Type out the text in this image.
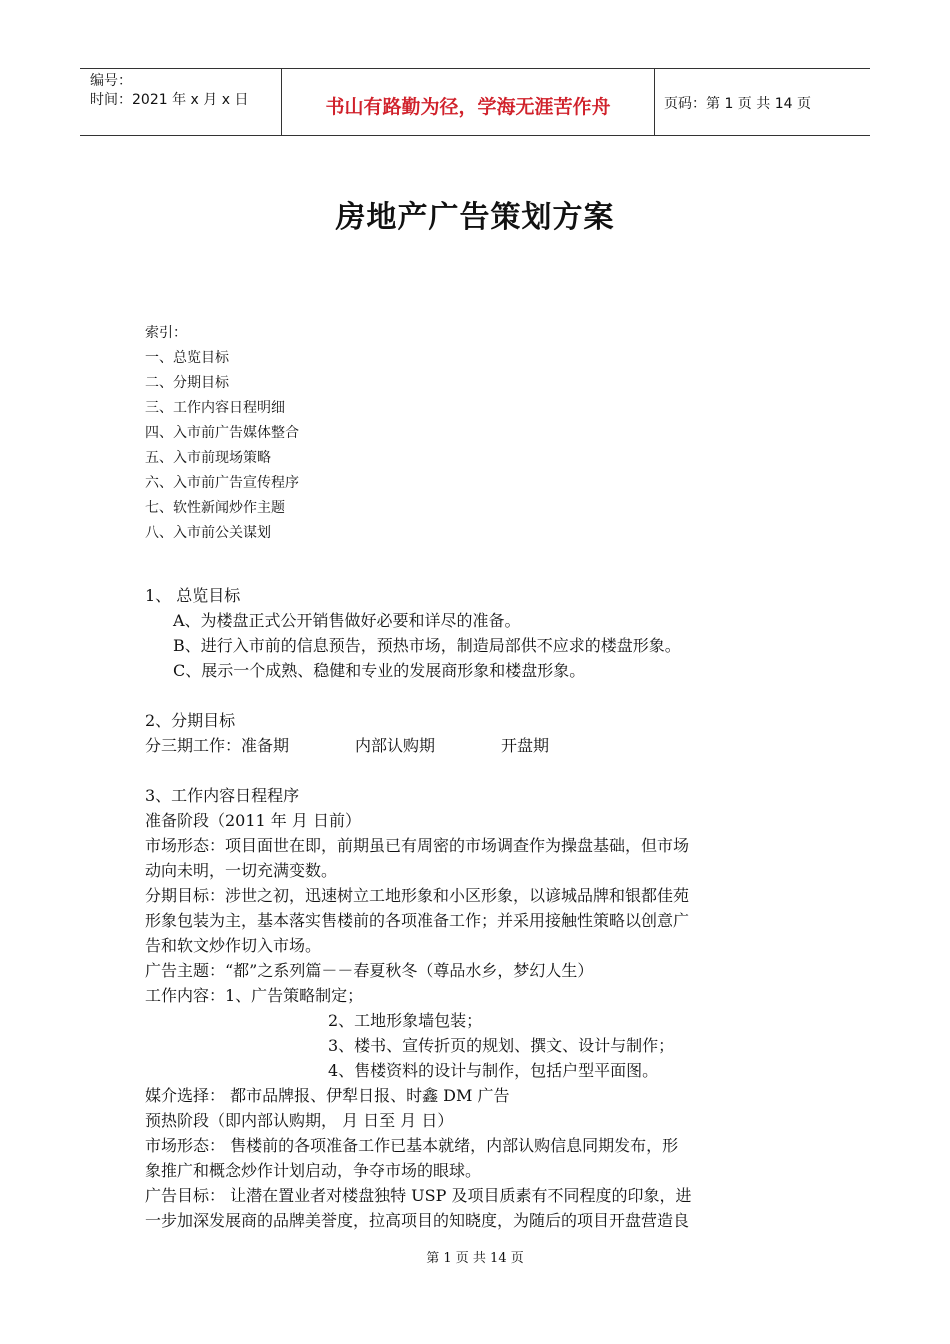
编号：
时间：2021 年 x 月 x 日	书山有路勤为径，学海无涯苦作舟	页码：第 1 页 共 14 页
房地产广告策划方案
索引：
一、总览目标
二、分期目标
三、工作内容日程明细
四、入市前广告媒体整合
五、入市前现场策略
六、入市前广告宣传程序
七、软性新闻炒作主题
八、入市前公关谋划
1、 总览目标
A、为楼盘正式公开销售做好必要和详尽的准备。
B、进行入市前的信息预告，预热市场，制造局部供不应求的楼盘形象。
C、展示一个成熟、稳健和专业的发展商形象和楼盘形象。
2、分期目标
分三期工作：准备期	内部认购期	开盘期
3、工作内容日程程序
准备阶段（2011 年 月 日前）
市场形态：项目面世在即，前期虽已有周密的市场调查作为操盘基础，但市场
动向未明，一切充满变数。
分期目标：涉世之初，迅速树立工地形象和小区形象，以谚城品牌和银都佳苑
形象包装为主，基本落实售楼前的各项准备工作；并采用接触性策略以创意广
告和软文炒作切入市场。
广告主题：“都”之系列篇－－春夏秋冬（尊品水乡，梦幻人生）
工作内容：1、广告策略制定；
2、工地形象墙包装；
3、楼书、宣传折页的规划、撰文、设计与制作；
4、售楼资料的设计与制作，包括户型平面图。
媒介选择： 都市品牌报、伊犁日报、时鑫 DM 广告
预热阶段（即内部认购期， 月 日至 月 日）
市场形态： 售楼前的各项准备工作已基本就绪，内部认购信息同期发布，形
象推广和概念炒作计划启动，争夺市场的眼球。
广告目标： 让潜在置业者对楼盘独特 USP 及项目质素有不同程度的印象，进
一步加深发展商的品牌美誉度，拉高项目的知晓度，为随后的项目开盘营造良
第 1 页 共 14 页
